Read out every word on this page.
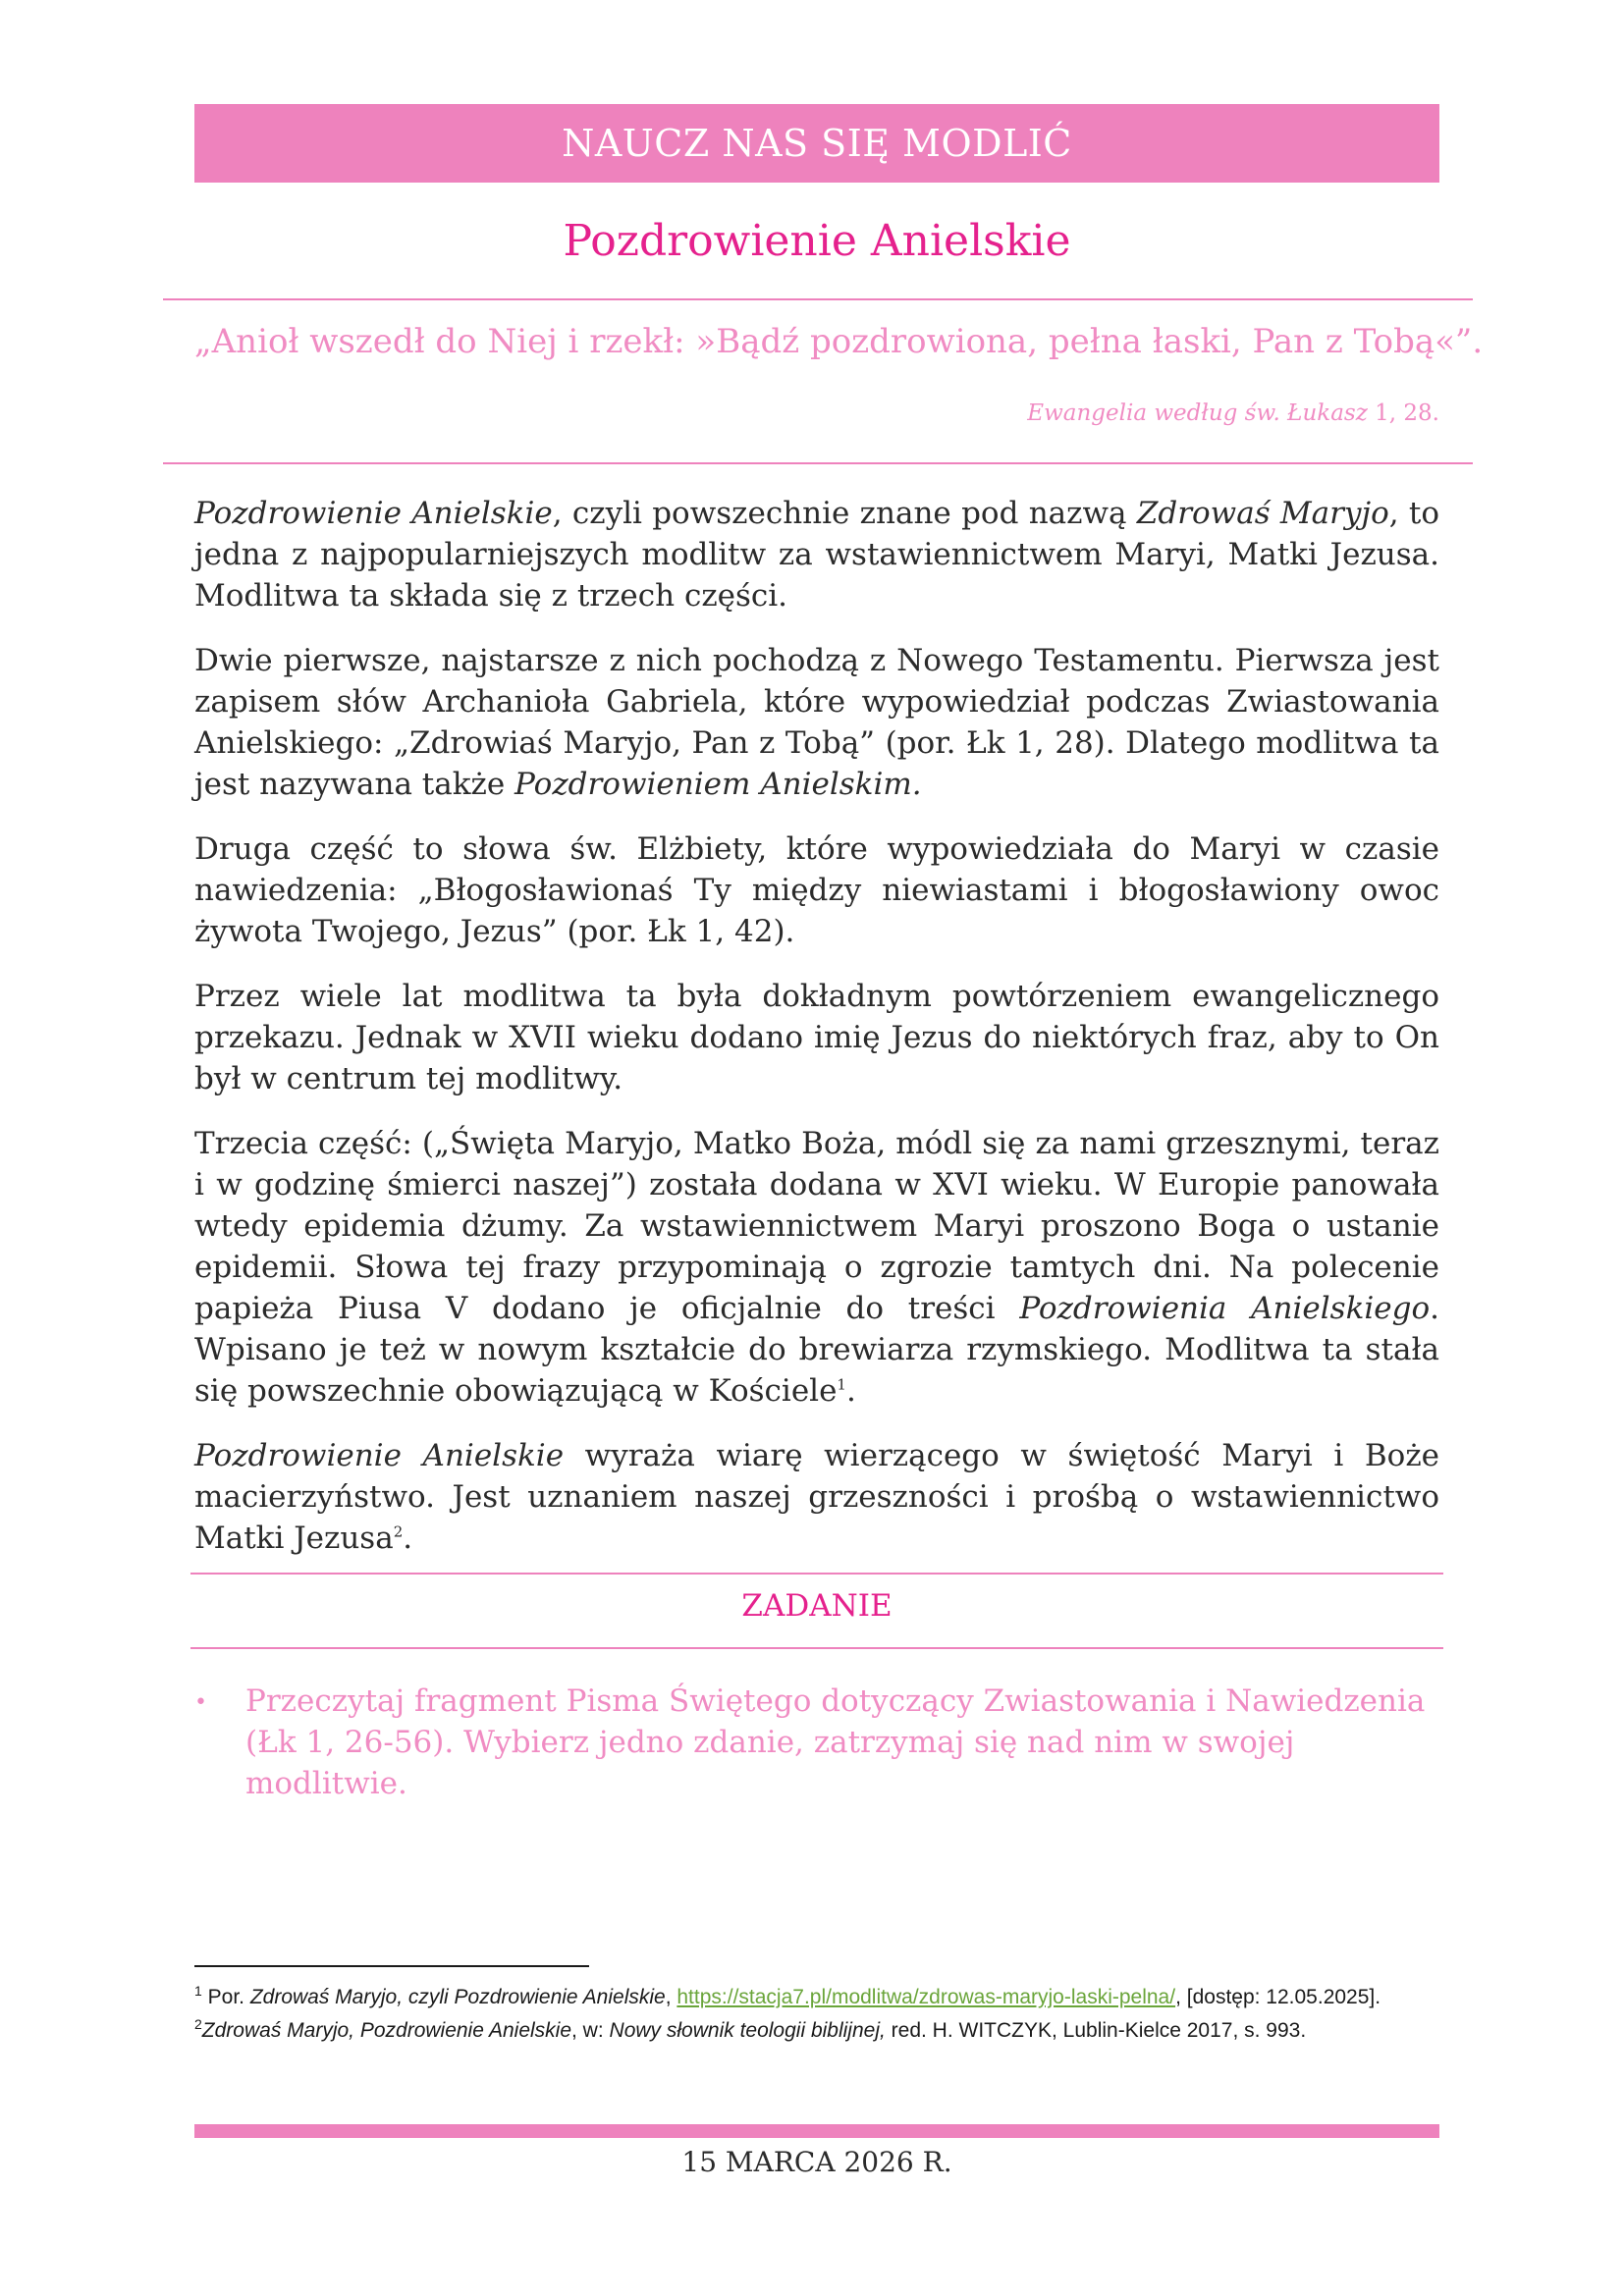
NAUCZ NAS SIĘ MODLIĆ
Pozdrowienie Anielskie
„Anioł wszedł do Niej i rzekł: »Bądź pozdrowiona, pełna łaski, Pan z Tobą«”.
Ewangelia według św. Łukasz 1, 28.

Pozdrowienie Anielskie, czyli powszechnie znane pod nazwą Zdrowaś Maryjo, to jedna z najpopularniejszych modlitw za wstawiennictwem Maryi, Matki Jezusa. Modlitwa ta składa się z trzech części.

Dwie pierwsze, najstarsze z nich pochodzą z Nowego Testamentu. Pierwsza jest zapisem słów Archanioła Gabriela, które wypowiedział podczas Zwiastowania Anielskiego: „Zdrowiaś Maryjo, Pan z Tobą” (por. Łk 1, 28). Dlatego modlitwa ta jest nazywana także Pozdrowieniem Anielskim.

Druga część to słowa św. Elżbiety, które wypowiedziała do Maryi w czasie nawiedzenia: „Błogosławionaś Ty między niewiastami i błogosławiony owoc żywota Twojego, Jezus” (por. Łk 1, 42).

Przez wiele lat modlitwa ta była dokładnym powtórzeniem ewangelicznego przekazu. Jednak w XVII wieku dodano imię Jezus do niektórych fraz, aby to On był w centrum tej modlitwy.

Trzecia część: („Święta Maryjo, Matko Boża, módl się za nami grzesznymi, teraz i w godzinę śmierci naszej”) została dodana w XVI wieku. W Europie panowała wtedy epidemia dżumy. Za wstawiennictwem Maryi proszono Boga o ustanie epidemii. Słowa tej frazy przypominają o zgrozie tamtych dni. Na polecenie papieża Piusa V dodano je oficjalnie do treści Pozdrowienia Anielskiego. Wpisano je też w nowym kształcie do brewiarza rzymskiego. Modlitwa ta stała się powszechnie obowiązującą w Kościele$^1$.

Pozdrowienie Anielskie wyraża wiarę wierzącego w świętość Maryi i Boże macierzyństwo. Jest uznaniem naszej grzeszności i prośbą o wstawiennictwo Matki Jezusa$^2$.

ZADANIE
•	Przeczytaj fragment Pisma Świętego dotyczący Zwiastowania i Nawiedzenia (Łk 1, 26-56). Wybierz jedno zdanie, zatrzymaj się nad nim w swojej modlitwie.

$^1$ Por. Zdrowaś Maryjo, czyli Pozdrowienie Anielskie, https://stacja7.pl/modlitwa/zdrowas-maryjo-laski-pelna/, [dostęp: 12.05.2025].

$^2$Zdrowaś Maryjo, Pozdrowienie Anielskie, w: Nowy słownik teologii biblijnej, red. H. WITCZYK, Lublin-Kielce 2017, s. 993.

15 MARCA 2026 R.
